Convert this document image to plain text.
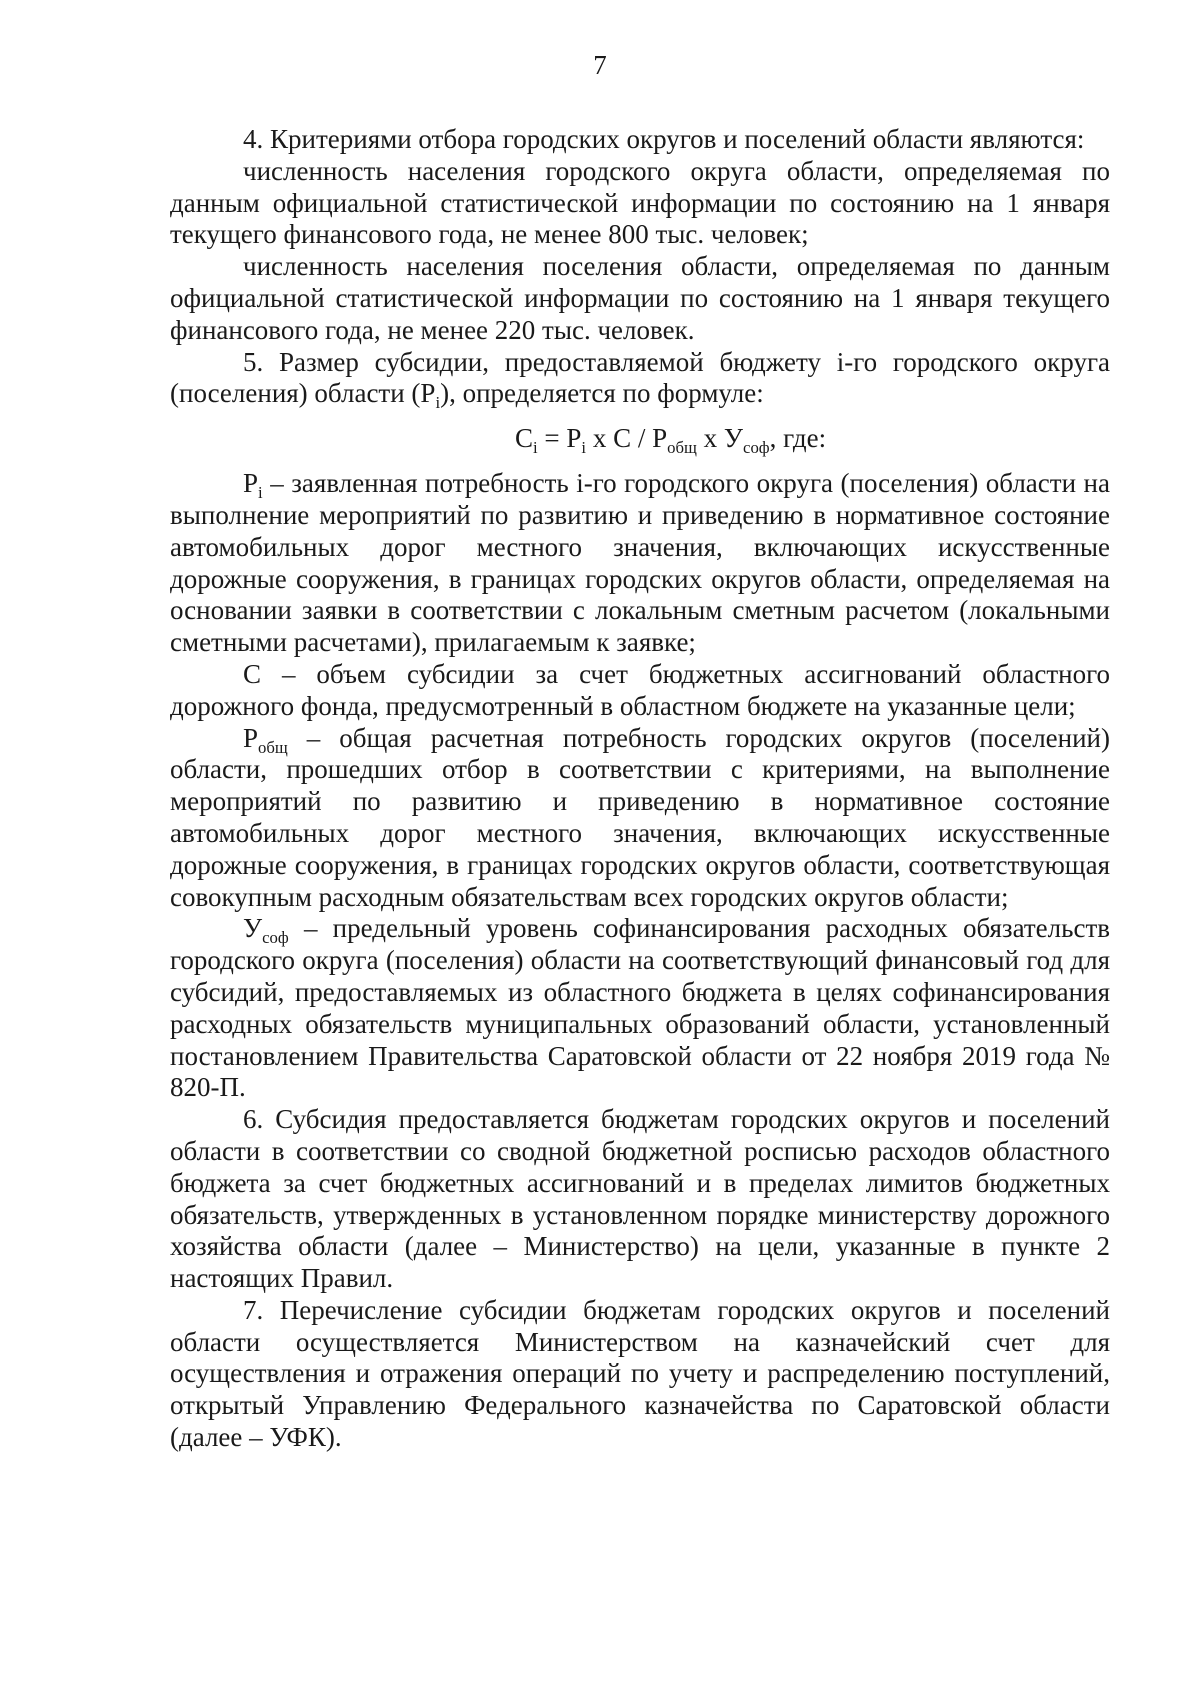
7

4. Критериями отбора городских округов и поселений области являются:

численность населения городского округа области, определяемая по данным официальной статистической информации по состоянию на 1 января текущего финансового года, не менее 800 тыс. человек;

численность населения поселения области, определяемая по данным официальной статистической информации по состоянию на 1 января текущего финансового года, не менее 220 тыс. человек.

5. Размер субсидии, предоставляемой бюджету i-го городского округа (поселения) области $(P_i)$, определяется по формуле:

$C_i = P_i$ x C / $P_{общ}$ x $У_{соф}$, где:

$P_i$ – заявленная потребность i-го городского округа (поселения) области на выполнение мероприятий по развитию и приведению в нормативное состояние автомобильных дорог местного значения, включающих искусственные дорожные сооружения, в границах городских округов области, определяемая на основании заявки в соответствии с локальным сметным расчетом (локальными сметными расчетами), прилагаемым к заявке;

C – объем субсидии за счет бюджетных ассигнований областного дорожного фонда, предусмотренный в областном бюджете на указанные цели;

$P_{общ}$ – общая расчетная потребность городских округов (поселений) области, прошедших отбор в соответствии с критериями, на выполнение мероприятий по развитию и приведению в нормативное состояние автомобильных дорог местного значения, включающих искусственные дорожные сооружения, в границах городских округов области, соответствующая совокупным расходным обязательствам всех городских округов области;

$У_{соф}$ – предельный уровень софинансирования расходных обязательств городского округа (поселения) области на соответствующий финансовый год для субсидий, предоставляемых из областного бюджета в целях софинансирования расходных обязательств муниципальных образований области, установленный постановлением Правительства Саратовской области от 22 ноября 2019 года № 820-П.

6. Субсидия предоставляется бюджетам городских округов и поселений области в соответствии со сводной бюджетной росписью расходов областного бюджета за счет бюджетных ассигнований и в пределах лимитов бюджетных обязательств, утвержденных в установленном порядке министерству дорожного хозяйства области (далее – Министерство) на цели, указанные в пункте 2 настоящих Правил.

7. Перечисление субсидии бюджетам городских округов и поселений области осуществляется Министерством на казначейский счет для осуществления и отражения операций по учету и распределению поступлений, открытый Управлению Федерального казначейства по Саратовской области (далее – УФК).
